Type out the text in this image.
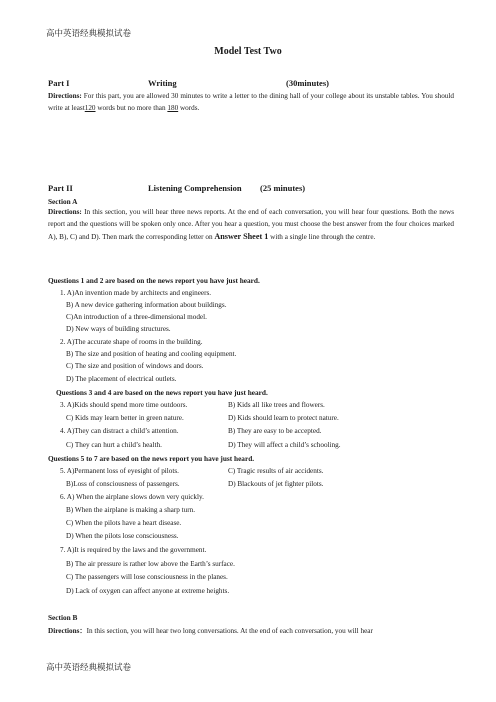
高中英语经典模拟试卷
Model Test Two
Part I	Writing	(30minutes)
Directions: For this part, you are allowed 30 minutes to write a letter to the dining hall of your college about its unstable tables. You should write at least120 words but no more than 180 words.
Part II	Listening Comprehension (25 minutes)
Section A
Directions: In this section, you will hear three news reports. At the end of each conversation, you will hear four questions. Both the news report and the questions will be spoken only once. After you hear a question, you must choose the best answer from the four choices marked A), B), C) and D). Then mark the corresponding letter on Answer Sheet 1 with a single line through the centre.
Questions 1 and 2 are based on the news report you have just heard.
1. A)An invention made by architects and engineers.
B) A new device gathering information about buildings.
C)An introduction of a three-dimensional model.
D) New ways of building structures.
2. A)The accurate shape of rooms in the building.
B) The size and position of heating and cooling equipment.
C) The size and position of windows and doors.
D) The placement of electrical outlets.
Questions 3 and 4 are based on the news report you have just heard.
3. A)Kids should spend more time outdoors.	B) Kids all like trees and flowers.
C) Kids may learn better in green nature.	D) Kids should learn to protect nature.
4. A)They can distract a child’s attention.	B) They are easy to be accepted.
C) They can hurt a child’s health.	D) They will affect a child’s schooling.
Questions 5 to 7 are based on the news report you have just heard.
5. A)Permanent loss of eyesight of pilots.	C) Tragic results of air accidents.
B)Loss of consciousness of passengers.	D) Blackouts of jet fighter pilots.
6. A) When the airplane slows down very quickly.
B) When the airplane is making a sharp turn.
C) When the pilots have a heart disease.
D) When the pilots lose consciousness.
7. A)It is required by the laws and the government.
B) The air pressure is rather low above the Earth’s surface.
C) The passengers will lose consciousness in the planes.
D) Lack of oxygen can affect anyone at extreme heights.
Section B
Directions：In this section, you will hear two long conversations. At the end of each conversation, you will hear
高中英语经典模拟试卷
